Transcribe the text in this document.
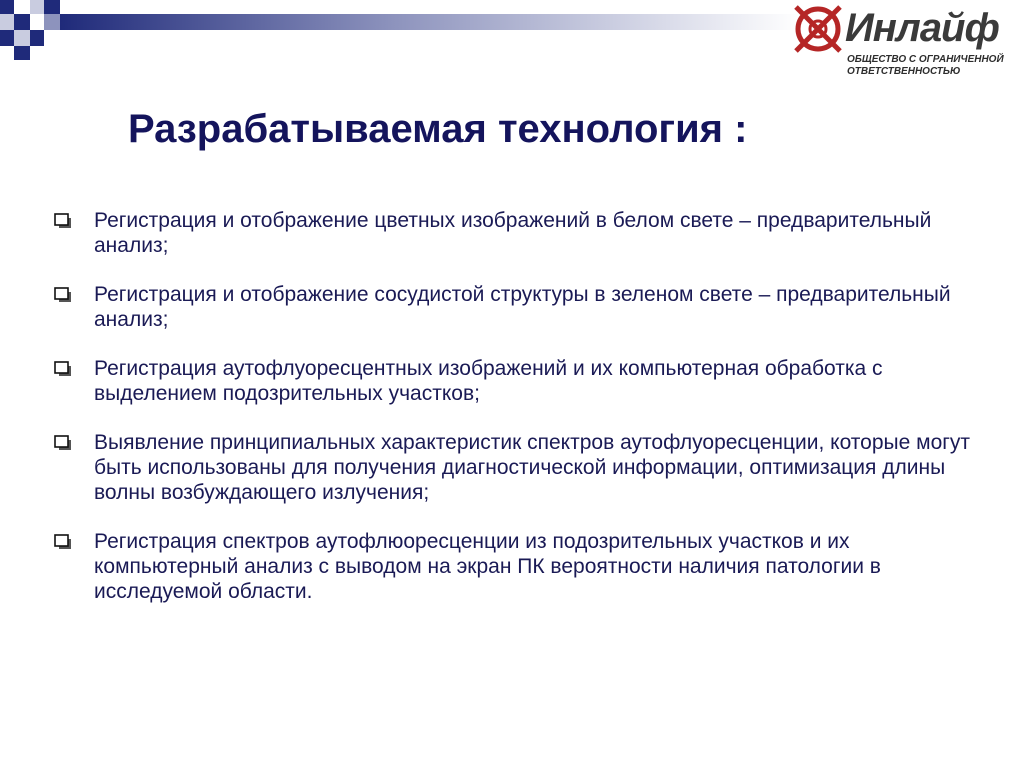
Инлайф
ОБЩЕСТВО С ОГРАНИЧЕННОЙ ОТВЕТСТВЕННОСТЬЮ
Разрабатываемая технология :
Регистрация и отображение цветных изображений в белом свете – предварительный анализ;
Регистрация и отображение сосудистой структуры в зеленом свете – предварительный анализ;
Регистрация аутофлуоресцентных изображений и их компьютерная обработка с выделением подозрительных участков;
Выявление принципиальных характеристик спектров аутофлуоресценции, которые могут быть использованы для получения диагностической информации, оптимизация длины волны возбуждающего излучения;
Регистрация спектров аутофлюоресценции из подозрительных участков и их компьютерный анализ с выводом на экран ПК вероятности наличия патологии в исследуемой области.
